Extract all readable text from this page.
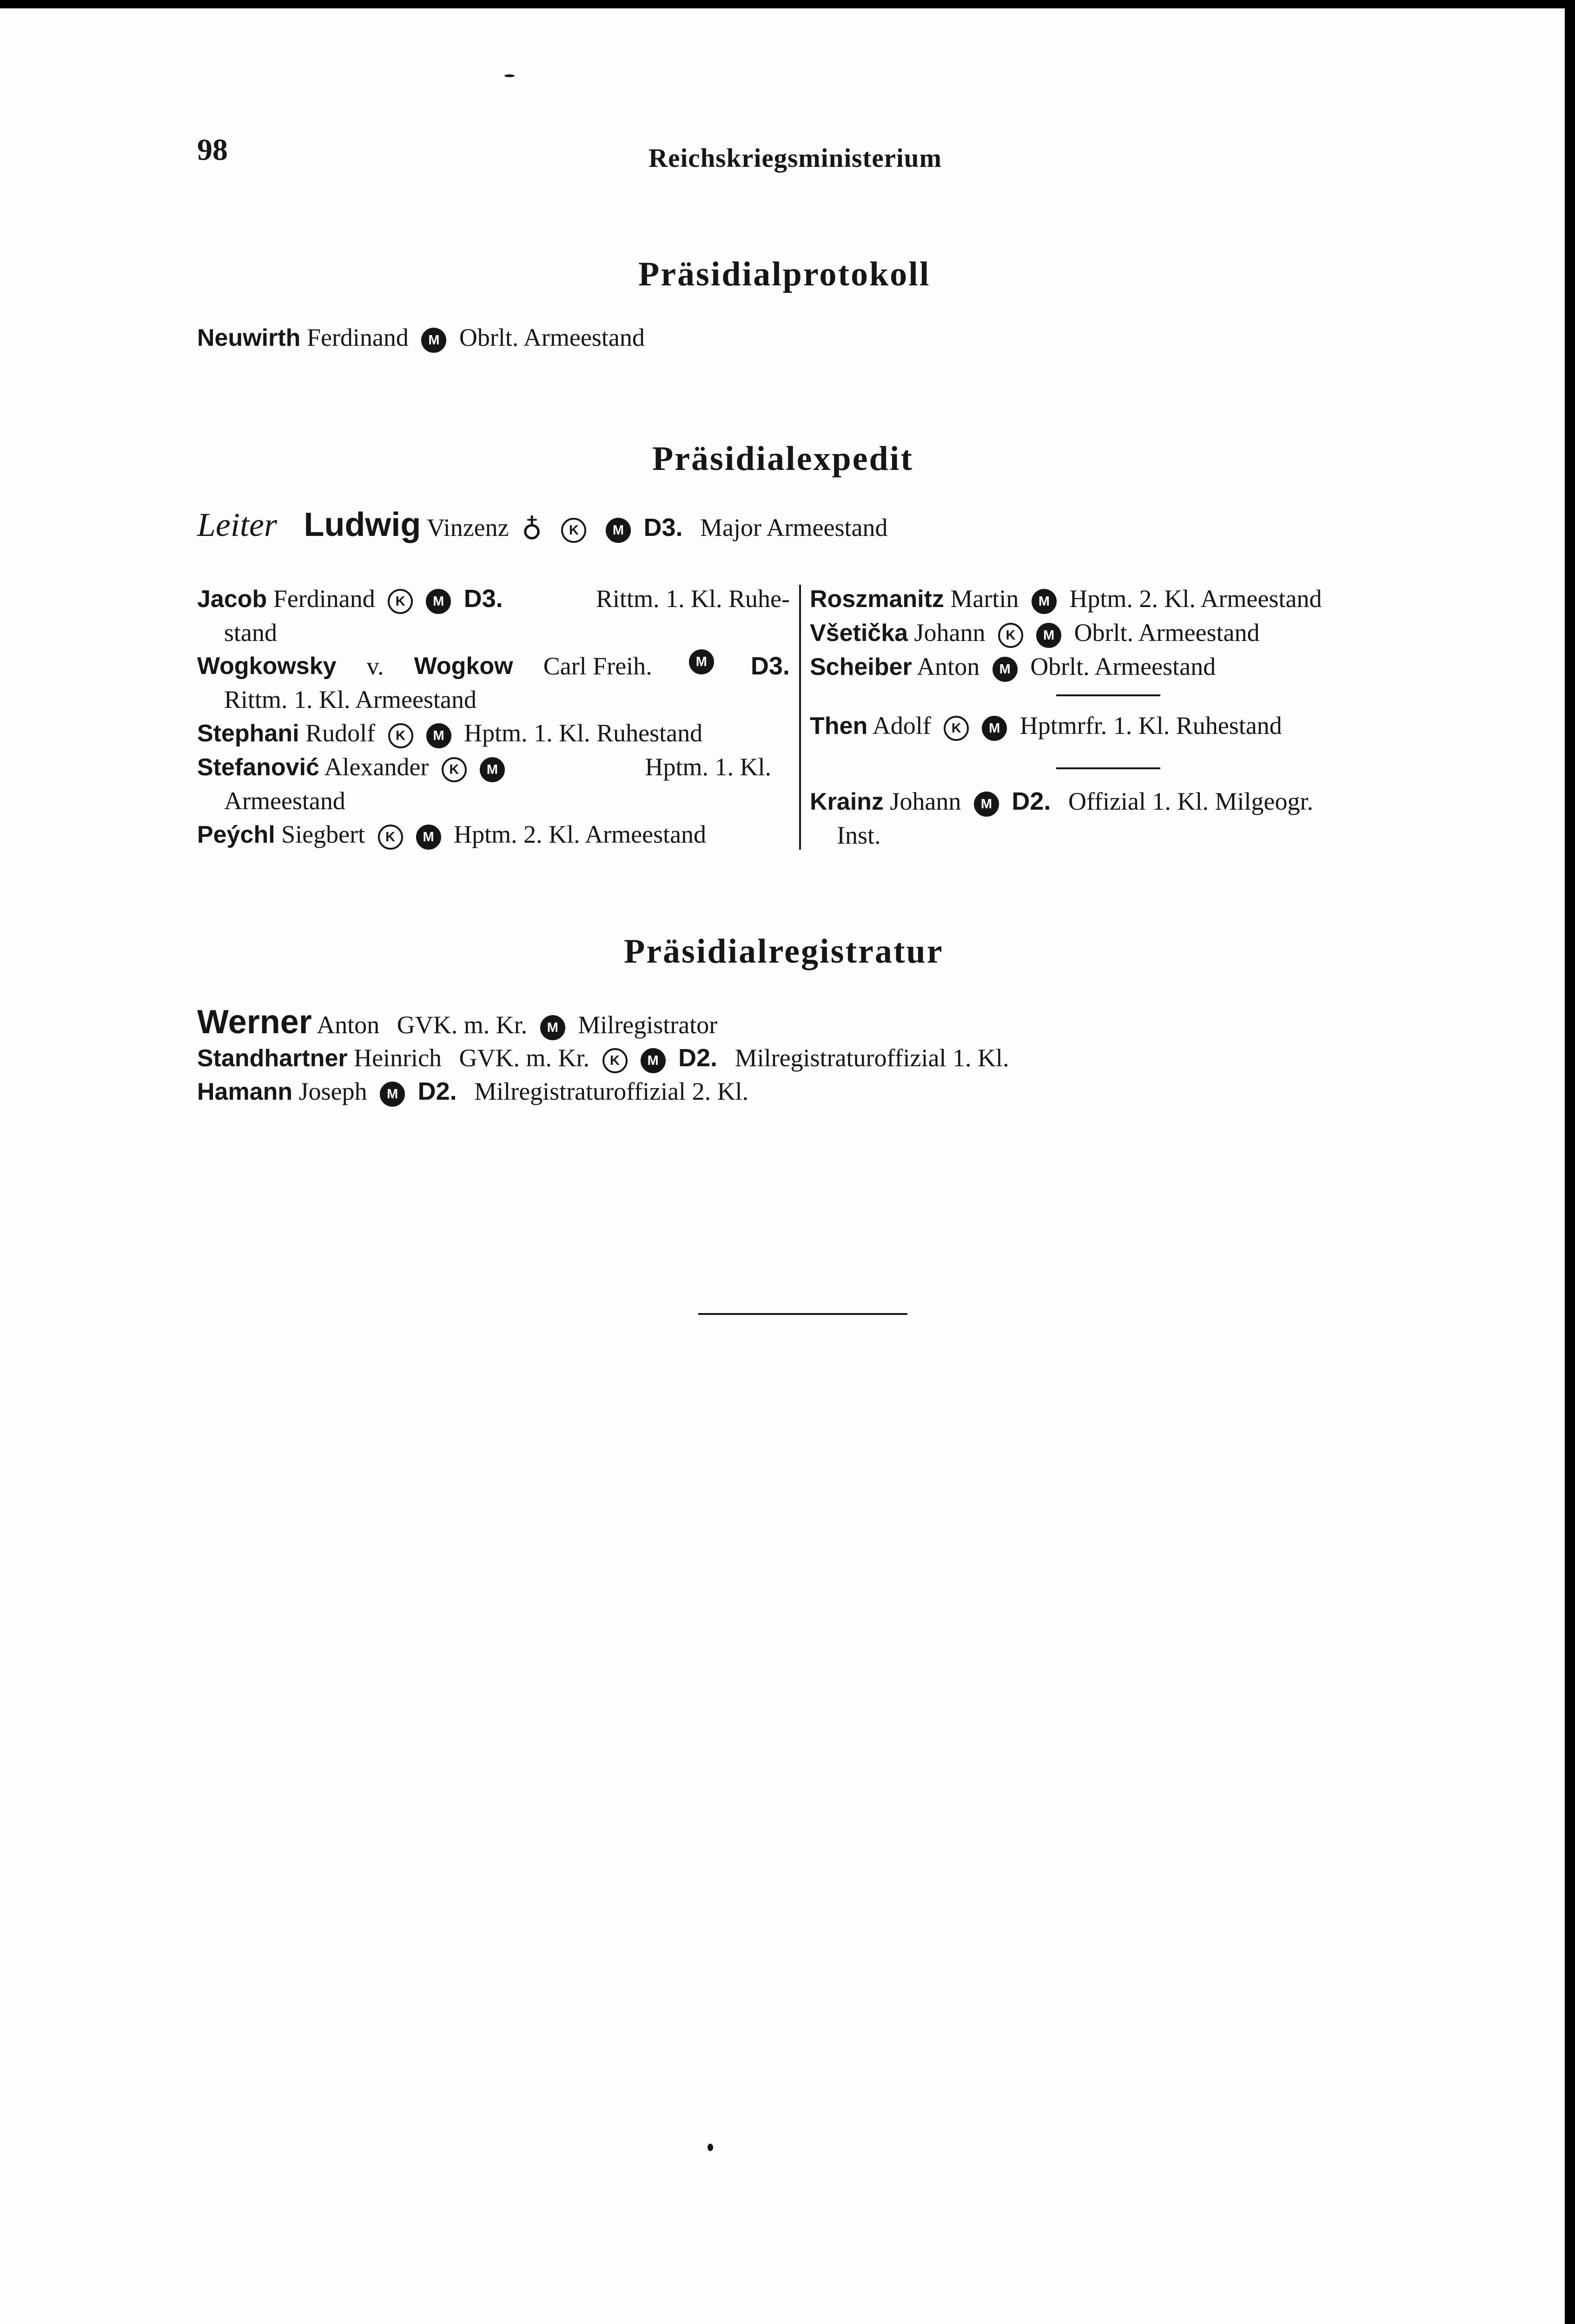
98	Reichskriegsministerium
Präsidialprotokoll
Neuwirth Ferdinand M Obrlt. Armeestand
Präsidialexpedit
Leiter Ludwig Vinzenz ♁ K	M D3. Major Armeestand
Jacob Ferdinand K M D3.	Rittm. 1. Kl. Ruhe-
stand
Wogkowsky v. Wogkow Carl Freih.	M D3.
Rittm. 1. Kl. Armeestand
Stephani Rudolf K M Hptm. 1. Kl. Ruhestand
Stefanović Alexander K M	Hptm. 1. Kl.
Armeestand
Peýchl Siegbert K M Hptm. 2. Kl. Armeestand
Roszmanitz Martin M Hptm. 2. Kl. Armeestand
Všetička Johann K M Obrlt. Armeestand
Scheiber Anton M Obrlt. Armeestand
Then Adolf K M Hptmrfr. 1. Kl. Ruhestand
Krainz Johann M D2. Offizial 1. Kl. Milgeogr.
Inst.
Präsidialregistratur
Werner Anton GVK. m. Kr. M Milregistrator
Standhartner Heinrich GVK. m. Kr. K M D2. Milregistraturoffizial 1. Kl.
Hamann Joseph M D2. Milregistraturoffizial 2. Kl.
